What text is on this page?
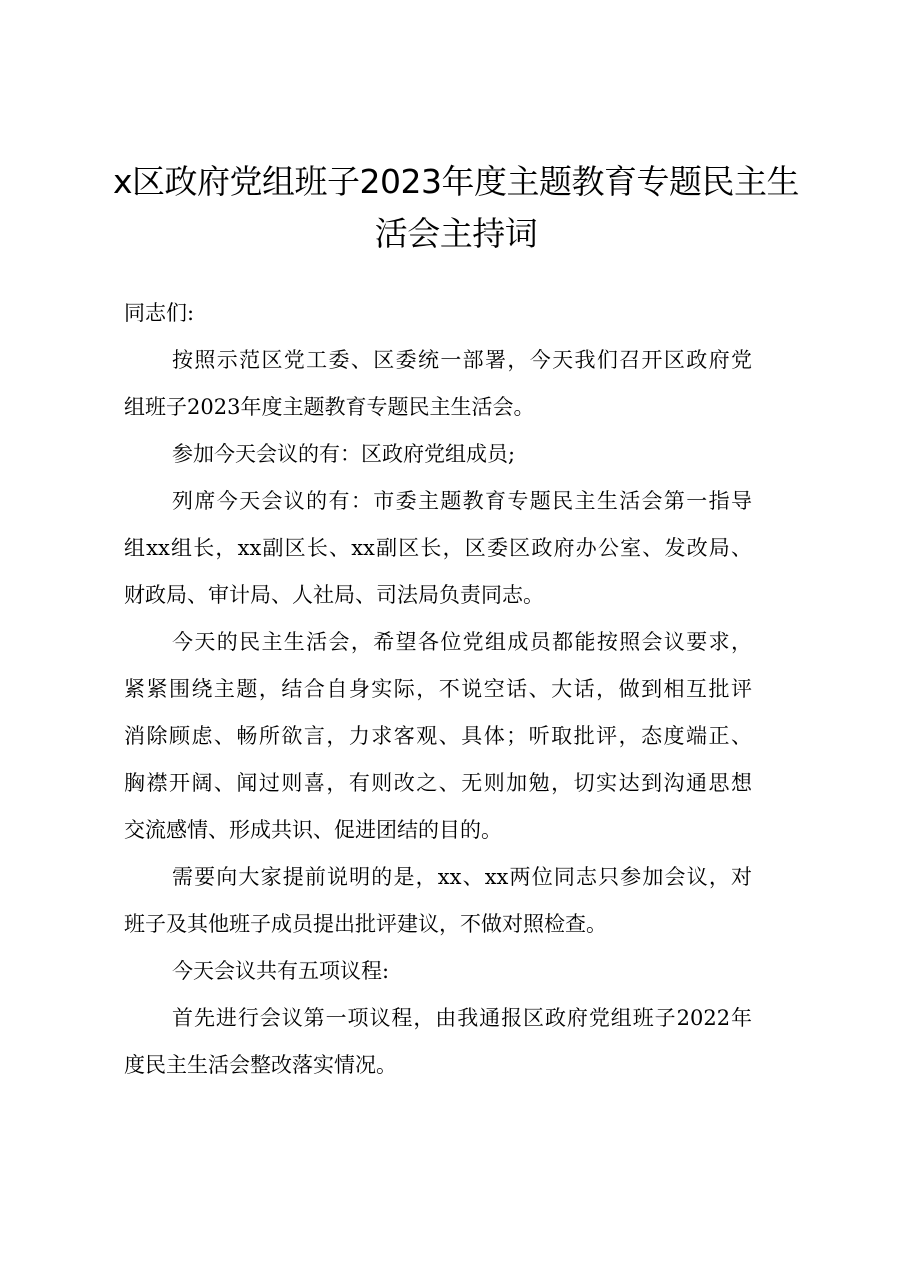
x区政府党组班子2023年度主题教育专题民主生
活会主持词

同志们:

按照示范区党工委、区委统一部署，今天我们召开区政府党
组班子2023年度主题教育专题民主生活会。

参加今天会议的有：区政府党组成员;

列席今天会议的有：市委主题教育专题民主生活会第一指导
组xx组长，xx副区长、xx副区长，区委区政府办公室、发改局、
财政局、审计局、人社局、司法局负责同志。

今天的民主生活会，希望各位党组成员都能按照会议要求，
紧紧围绕主题，结合自身实际，不说空话、大话，做到相互批评
消除顾虑、畅所欲言，力求客观、具体；听取批评，态度端正、
胸襟开阔、闻过则喜，有则改之、无则加勉，切实达到沟通思想
交流感情、形成共识、促进团结的目的。

需要向大家提前说明的是，xx、xx两位同志只参加会议，对
班子及其他班子成员提出批评建议，不做对照检查。

今天会议共有五项议程:

首先进行会议第一项议程，由我通报区政府党组班子2022年
度民主生活会整改落实情况。
